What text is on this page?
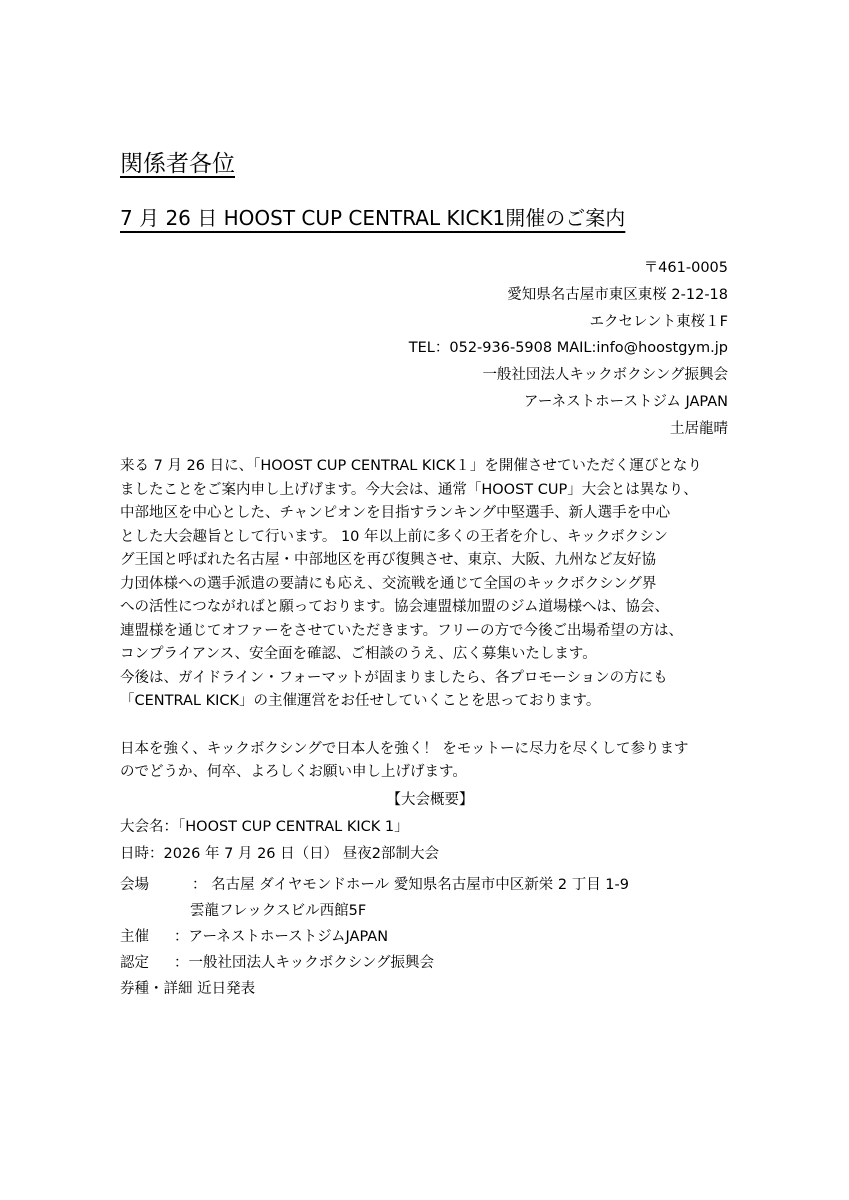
関係者各位
7 月 26 日 HOOST CUP CENTRAL KICK1開催のご案内
〒461-0005
愛知県名古屋市東区東桜 2-12-18
エクセレント東桜１F
TEL：052-936-5908 MAIL:info@hoostgym.jp
一般社団法人キックボクシング振興会
アーネストホーストジム JAPAN
土居龍晴
来る 7 月 26 日に、「HOOST CUP CENTRAL KICK１」を開催させていただく運びとなり
ましたことをご案内申し上げげます。今大会は、通常「HOOST CUP」大会とは異なり、
中部地区を中心とした、チャンピオンを目指すランキング中堅選手、新人選手を中心
とした大会趣旨として行います。 10 年以上前に多くの王者を介し、キックボクシン
グ王国と呼ばれた名古屋・中部地区を再び復興させ、東京、大阪、九州など友好協
力団体様への選手派遣の要請にも応え、交流戦を通じて全国のキックボクシング界
への活性につながればと願っております。協会連盟様加盟のジム道場様へは、協会、
連盟様を通じてオファーをさせていただきます。フリーの方で今後ご出場希望の方は、
コンプライアンス、安全面を確認、ご相談のうえ、広く募集いたします。
今後は、ガイドライン・フォーマットが固まりましたら、各プロモーションの方にも
「CENTRAL KICK」の主催運営をお任せしていくことを思っております。
日本を強く、キックボクシングで日本人を強く！ をモットーに尽力を尽くして参ります
のでどうか、何卒、よろしくお願い申し上げげます。
【大会概要】
大会名：「HOOST CUP CENTRAL KICK 1」
日時：2026 年 7 月 26 日（日） 昼夜2部制大会
会場	： 名古屋 ダイヤモンドホール 愛知県名古屋市中区新栄 2 丁目 1-9
雲龍フレックスビル西館5F
主催 ：アーネストホーストジムJAPAN
認定 ：一般社団法人キックボクシング振興会
券種・詳細 近日発表
